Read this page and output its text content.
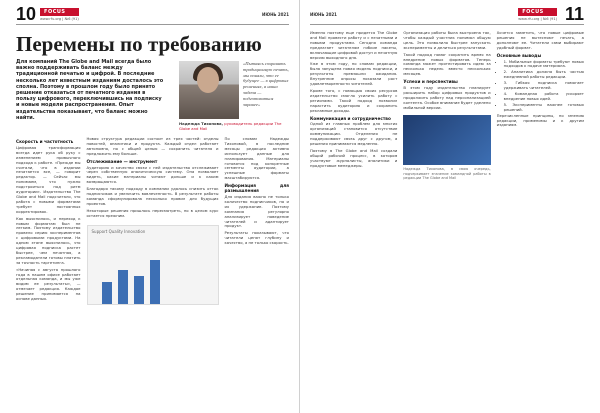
10	FOCUS
www.rfu.org | №6 (91)
ИЮНЬ 2021
Перемены по требованию
Для компаний The Globe and Mail всегда было важно поддерживать баланс между традиционной печатью и цифрой. В последние несколько лет известным изданиям досталось это сполна. Поэтому в прошлом году было принято решение отказаться от печатного издания в пользу цифрового, переключившись на подписку и новые модели распространения. Опыт издательства показывает, что баланс можно найти.
«Пытаясь сохранить традиционную печать, мы поняли, что ее будущее — в цифровых решениях, а наша задача — подготовиться заранее»
Надежда Тихонова, руководитель редакции The Globe and Mail
Скорость и частотность

Цифровая трансформация всегда идет рука об руку с изменением привычного подхода к работе. «Прежде мы считали, что в издании печатается все, — говорит редактор. — Сейчас мы понимаем, что нужно подстроиться под ритм аудитории». Издательство The Globe and Mail подсчитало, что работа с новыми форматами требует постоянных корректировок.

Как выяснилось, и переход к новым форматам был не легким. Поэтому издательство провело серию экспериментов с цифровыми продуктами. На одном этапе выяснилось, что цифровая подписка растет быстрее, чем печатная, а рекламодатели готовы платить за точность таргетинга.

«Начиная с августа прошлого года в нашем офисе работает отдельная команда, и мы уже видим ее результаты», — отмечает редакция. Каждое решение принимается на основе данных.

Новая структура редакции состоит из трех частей: отделы новостей, аналитики и продукта. Каждый отдел работает автономно, но с общей целью — сохранить читателя и предложить ему больше.

Отслеживание — инструмент

Аудиторию и качество связи с ней издательство отслеживает через собственную аналитическую систему. Она позволяет видеть, какие материалы читают дольше и к каким возвращаются.

Благодаря такому подходу в компании удалось снизить отток подписчиков и увеличить вовлеченность. В результате работы команда сформулировала несколько правил для будущих проектов.

Некоторые решения пришлось пересмотреть, но в целом курс остается прежним.

Support Quality Innovation

По словам Надежды Тихоновой, в последние месяцы редакция активно использует данные для планирования. Материалы готовятся под конкретные сегменты аудитории, а успешные форматы масштабируются.

Информация для размышления

Для издания важно не только количество подписчиков, но и их удержание. Поэтому компания регулярно анализирует поведение читателей и адаптирует продукт.

Результаты показывают, что читатели ценят глубину и качество, а не только скорость.

ИЮНЬ 2021	FOCUS
www.rfu.org | №6 (91) 11

Именно поэтому еще придется The Globe and Mail провести работу и с печатными и новыми продуктами. Сегодня команда предлагает читателям гибкие пакеты, включающие цифровой доступ и печатную версию выходного дня.

Уже в этом году, по словам редакции, была запущена новая модель подписки, и результаты превзошли ожидания. Внутренние опросы показали рост удовлетворенности читателей.

Кроме того, с помощью своих ресурсов издательство смогло усилить работу с регионами. Такой подход позволил нарастить аудиторию и сохранить рекламные доходы.

Коммуникация и сотрудничество

Одной из главных проблем для многих организаций становится отсутствие коммуникации. Отделения не поддерживают связь друг с другом, а решения принимаются медленно.

Поэтому в The Globe and Mail создали общий рабочий процесс, в котором участвуют журналисты, аналитики и продуктовые менеджеры.

Организация работы была выстроена так, чтобы каждый участник понимал общую цель. Это позволило быстрее запускать эксперименты и делиться результатами.

Такой подход помог сократить время на внедрение новых форматов. Теперь команда может протестировать идею за несколько недель вместо нескольких месяцев.

Успехи и перспективы

В этом году издательство планирует расширить набор цифровых продуктов и продолжить работу над персонализацией контента. Особое внимание будет уделено мобильной версии.

Надежда Тихонова, в свою очередь, подчеркивает значение командной работы в редакции The Globe and Mail

Хочется заметить, что новые цифровые решения не вытесняют печать, а дополняют ее. Читатели сами выбирают удобный формат.

Основные выводы
• 1. Мобильные форматы требуют новых подходов к подаче материала.
• 2. Аналитика должна быть частью ежедневной работы редакции.
• 3. Гибкая подписка помогает удерживать читателей.
• 4. Командная работа ускоряет внедрение новых идей.
• 5. Эксперименты важнее готовых решений.

Перечисленные принципы, по мнению редакции, применимы и к другим изданиям.
